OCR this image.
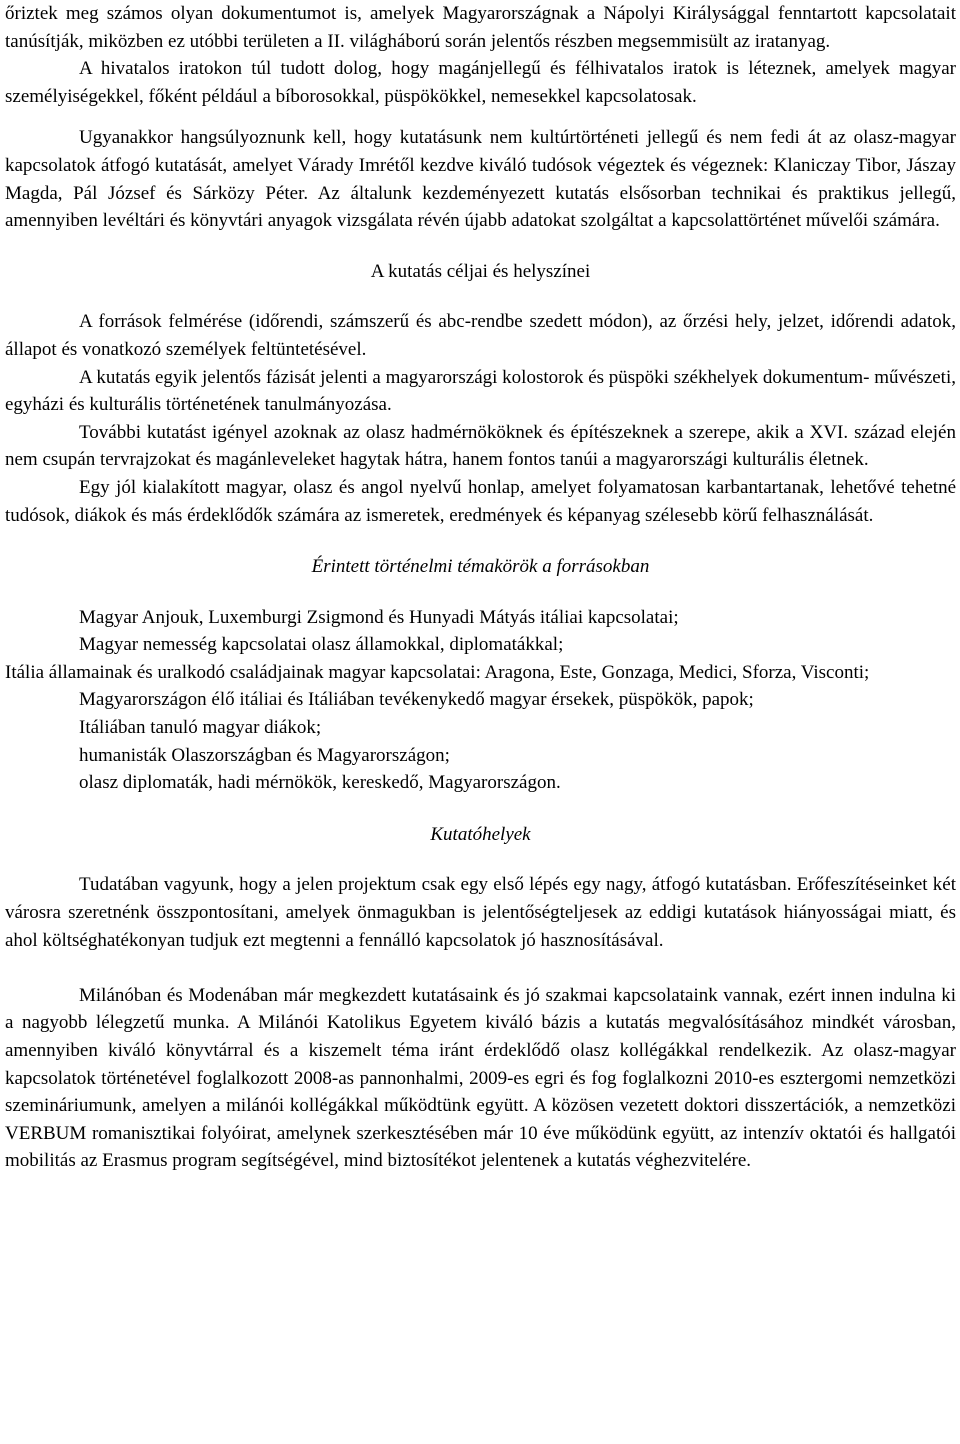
őriztek meg számos olyan dokumentumot is, amelyek Magyarországnak a Nápolyi Királysággal fenntartott kapcsolatait tanúsítják, miközben ez utóbbi területen a II. világháború során jelentős részben megsemmisült az iratanyag.

A hivatalos iratokon túl tudott dolog, hogy magánjellegű és félhivatalos iratok is léteznek, amelyek magyar személyiségekkel, főként például a bíborosokkal, püspökökkel, nemesekkel kapcsolatosak.

Ugyanakkor hangsúlyoznunk kell, hogy kutatásunk nem kultúrtörténeti jellegű és nem fedi át az olasz-magyar kapcsolatok átfogó kutatását, amelyet Várady Imrétől kezdve kiváló tudósok végeztek és végeznek: Klaniczay Tibor, Jászay Magda, Pál József és Sárközy Péter. Az általunk kezdeményezett kutatás elsősorban technikai és praktikus jellegű, amennyiben levéltári és könyvtári anyagok vizsgálata révén újabb adatokat szolgáltat a kapcsolattörténet művelői számára.

A kutatás céljai és helyszínei

A források felmérése (időrendi, számszerű és abc-rendbe szedett módon), az őrzési hely, jelzet, időrendi adatok, állapot és vonatkozó személyek feltüntetésével.

A kutatás egyik jelentős fázisát jelenti a magyarországi kolostorok és püspöki székhelyek dokumentum- művészeti, egyházi és kulturális történetének tanulmányozása.

További kutatást igényel azoknak az olasz hadmérnököknek és építészeknek a szerepe, akik a XVI. század elején nem csupán tervrajzokat és magánleveleket hagytak hátra, hanem fontos tanúi a magyarországi kulturális életnek.

Egy jól kialakított magyar, olasz és angol nyelvű honlap, amelyet folyamatosan karbantartanak, lehetővé tehetné tudósok, diákok és más érdeklődők számára az ismeretek, eredmények és képanyag szélesebb körű felhasználását.

Érintett történelmi témakörök a forrásokban
Magyar Anjouk, Luxemburgi Zsigmond és Hunyadi Mátyás itáliai kapcsolatai;
Magyar nemesség kapcsolatai olasz államokkal, diplomatákkal;
Itália államainak és uralkodó családjainak magyar kapcsolatai: Aragona, Este, Gonzaga, Medici, Sforza, Visconti;
Magyarországon élő itáliai és Itáliában tevékenykedő magyar érsekek, püspökök, papok;
Itáliában tanuló magyar diákok;
humanisták Olaszországban és Magyarországon;
olasz diplomaták, hadi mérnökök, kereskedő, Magyarországon.
Kutatóhelyek

Tudatában vagyunk, hogy a jelen projektum csak egy első lépés egy nagy, átfogó kutatásban. Erőfeszítéseinket két városra szeretnénk összpontosítani, amelyek önmagukban is jelentőségteljesek az eddigi kutatások hiányosságai miatt, és ahol költséghatékonyan tudjuk ezt megtenni a fennálló kapcsolatok jó hasznosításával.

Milánóban és Modenában már megkezdett kutatásaink és jó szakmai kapcsolataink vannak, ezért innen indulna ki a nagyobb lélegzetű munka. A Milánói Katolikus Egyetem kiváló bázis a kutatás megvalósításához mindkét városban, amennyiben kiváló könyvtárral és a kiszemelt téma iránt érdeklődő olasz kollégákkal rendelkezik. Az olasz-magyar kapcsolatok történetével foglalkozott 2008-as pannonhalmi, 2009-es egri és fog foglalkozni 2010-es esztergomi nemzetközi szemináriumunk, amelyen a milánói kollégákkal működtünk együtt. A közösen vezetett doktori disszertációk, a nemzetközi VERBUM romanisztikai folyóirat, amelynek szerkesztésében már 10 éve működünk együtt, az intenzív oktatói és hallgatói mobilitás az Erasmus program segítségével, mind biztosítékot jelentenek a kutatás véghezvitelére.
